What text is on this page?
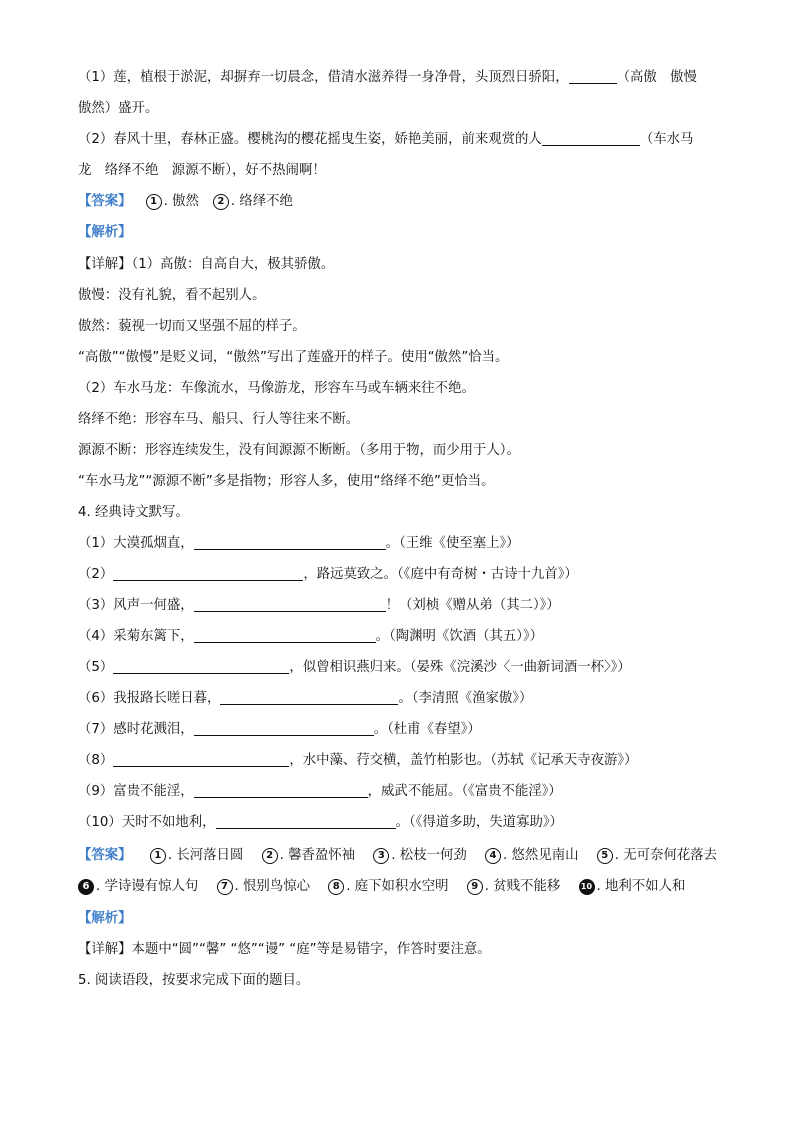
（1）莲，植根于淤泥，却摒弃一切晨念，借清水滋养得一身净骨，头顶烈日骄阳，	（高傲　傲慢
傲然）盛开。
（2）春风十里，春林正盛。樱桃沟的樱花摇曳生姿，娇艳美丽，前来观赏的人	（车水马
龙　络绎不绝　源源不断），好不热闹啊！
【答案】 1 . 傲然 2 . 络绎不绝
【解析】
【详解】（1）高傲：自高自大，极其骄傲。
傲慢：没有礼貌，看不起别人。
傲然：藐视一切而又坚强不屈的样子。
“高傲”“傲慢”是贬义词，“傲然”写出了莲盛开的样子。使用“傲然”恰当。
（2）车水马龙：车像流水，马像游龙，形容车马或车辆来往不绝。
络绎不绝：形容车马、船只、行人等往来不断。
源源不断：形容连续发生，没有间源源不断断。（多用于物，而少用于人）。
“车水马龙”“源源不断”多是指物；形容人多，使用“络绎不绝”更恰当。
4. 经典诗文默写。
（1）大漠孤烟直，	。（王维《使至塞上》）
（2）	，路远莫致之。（《庭中有奇树・古诗十九首》）
（3）风声一何盛，	！（刘桢《赠从弟（其二）》）
（4）采菊东篱下，	。（陶渊明《饮酒（其五）》）
（5）	，似曾相识燕归来。（晏殊《浣溪沙〈一曲新词酒一杯〉》）
（6）我报路长嗟日暮，	。（李清照《渔家傲》）
（7）感时花溅泪，	。（杜甫《春望》）
（8）	，水中藻、荇交横，盖竹柏影也。（苏轼《记承天寺夜游》）
（9）富贵不能淫，	，威武不能屈。（《富贵不能淫》）
（10）天时不如地利，	。（《得道多助，失道寡助》）
【答案】 1 . 长河落日圆 2 . 馨香盈怀袖 3 . 松枝一何劲 4 . 悠然见南山 5 . 无可奈何花落去
6 . 学诗谩有惊人句 7 . 恨别鸟惊心 8 . 庭下如积水空明 9 . 贫贱不能移	10 . 地利不如人和
【解析】
【详解】本题中“圆”“馨” “悠”“谩” “庭”等是易错字，作答时要注意。
5. 阅读语段，按要求完成下面的题目。
